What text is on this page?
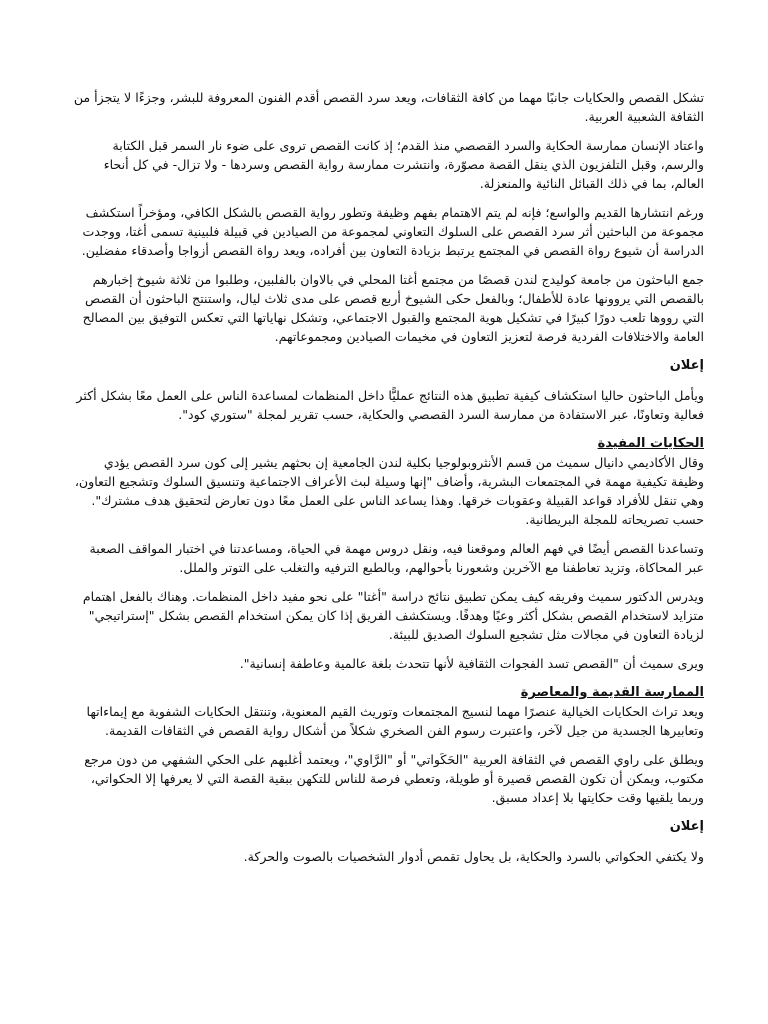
تشكل القصص والحكايات جانبًا مهما من كافة الثقافات، ويعد سرد القصص أقدم الفنون المعروفة للبشر، وجزءًا لا يتجزأ من الثقافة الشعبية العربية.

واعتاد الإنسان ممارسة الحكاية والسرد القصصي منذ القدم؛ إذ كانت القصص تروى على ضوء نار السمر قبل الكتابة والرسم، وقبل التلفزيون الذي ينقل القصة مصوّرة، وانتشرت ممارسة رواية القصص وسردها - ولا تزال- في كل أنحاء العالم، بما في ذلك القبائل النائية والمنعزلة.

ورغم انتشارها القديم والواسع؛ فإنه لم يتم الاهتمام بفهم وظيفة وتطور رواية القصص بالشكل الكافي، ومؤخراً استكشف مجموعة من الباحثين أثر سرد القصص على السلوك التعاوني لمجموعة من الصيادين في قبيلة فلبينية تسمى أغتا، ووجدت الدراسة أن شيوع رواة القصص في المجتمع يرتبط بزيادة التعاون بين أفراده، ويعد رواة القصص أزواجا وأصدقاء مفضلين.

جمع الباحثون من جامعة كوليدج لندن قصصًا من مجتمع أغتا المحلي في بالاوان بالفلبين، وطلبوا من ثلاثة شيوخ إخبارهم بالقصص التي يروونها عادة للأطفال؛ وبالفعل حكى الشيوخ أربع قصص على مدى ثلاث ليال، واستنتج الباحثون أن القصص التي رووها تلعب دورًا كبيرًا في تشكيل هوية المجتمع والقبول الاجتماعي، وتشكل نهاياتها التي تعكس التوفيق بين المصالح العامة والاختلافات الفردية فرصة لتعزيز التعاون في مخيمات الصيادين ومجموعاتهم.

إعلان

ويأمل الباحثون حاليا استكشاف كيفية تطبيق هذه النتائج عمليًّا داخل المنظمات لمساعدة الناس على العمل معًا بشكل أكثر فعالية وتعاونًا، عبر الاستفادة من ممارسة السرد القصصي والحكاية، حسب تقرير لمجلة "ستوري كود".

الحكايات المفيدة

وقال الأكاديمي دانيال سميث من قسم الأنثروبولوجيا بكلية لندن الجامعية إن بحثهم يشير إلى كون سرد القصص يؤدي وظيفة تكيفية مهمة في المجتمعات البشرية، وأضاف "إنها وسيلة لبث الأعراف الاجتماعية وتنسيق السلوك وتشجيع التعاون، وهي تنقل للأفراد قواعد القبيلة وعقوبات خرقها. وهذا يساعد الناس على العمل معًا دون تعارض لتحقيق هدف مشترك". حسب تصريحاته للمجلة البريطانية.

وتساعدنا القصص أيضًا في فهم العالم وموقعنا فيه، ونقل دروس مهمة في الحياة، ومساعدتنا في اختبار المواقف الصعبة عبر المحاكاة، وتزيد تعاطفنا مع الآخرين وشعورنا بأحوالهم، وبالطبع الترفيه والتغلب على التوتر والملل.

ويدرس الدكتور سميث وفريقه كيف يمكن تطبيق نتائج دراسة "أغتا" على نحو مفيد داخل المنظمات. وهناك بالفعل اهتمام متزايد لاستخدام القصص بشكل أكثر وعيًا وهدفًا. ويستكشف الفريق إذا كان يمكن استخدام القصص بشكل "إستراتيجي" لزيادة التعاون في مجالات مثل تشجيع السلوك الصديق للبيئة.

ويرى سميث أن "القصص تسد الفجوات الثقافية لأنها تتحدث بلغة عالمية وعاطفة إنسانية".

الممارسة القديمة والمعاصرة

ويعد تراث الحكايات الخيالية عنصرًا مهما لنسيج المجتمعات وتوريث القيم المعنوية، وتنتقل الحكايات الشفوية مع إيماءاتها وتعابيرها الجسدية من جيل لآخر، واعتبرت رسوم الفن الصخري شكلاً من أشكال رواية القصص في الثقافات القديمة.

ويطلق على راوي القصص في الثقافة العربية "الحَكَواتي" أو "الرَّاوي"، ويعتمد أغلبهم على الحكي الشفهي من دون مرجع مكتوب، ويمكن أن تكون القصص قصيرة أو طويلة، وتعطي فرصة للناس للتكهن ببقية القصة التي لا يعرفها إلا الحكواتي، وربما يلقيها وقت حكايتها بلا إعداد مسبق.

إعلان

ولا يكتفي الحكواتي بالسرد والحكاية، بل يحاول تقمص أدوار الشخصيات بالصوت والحركة.
